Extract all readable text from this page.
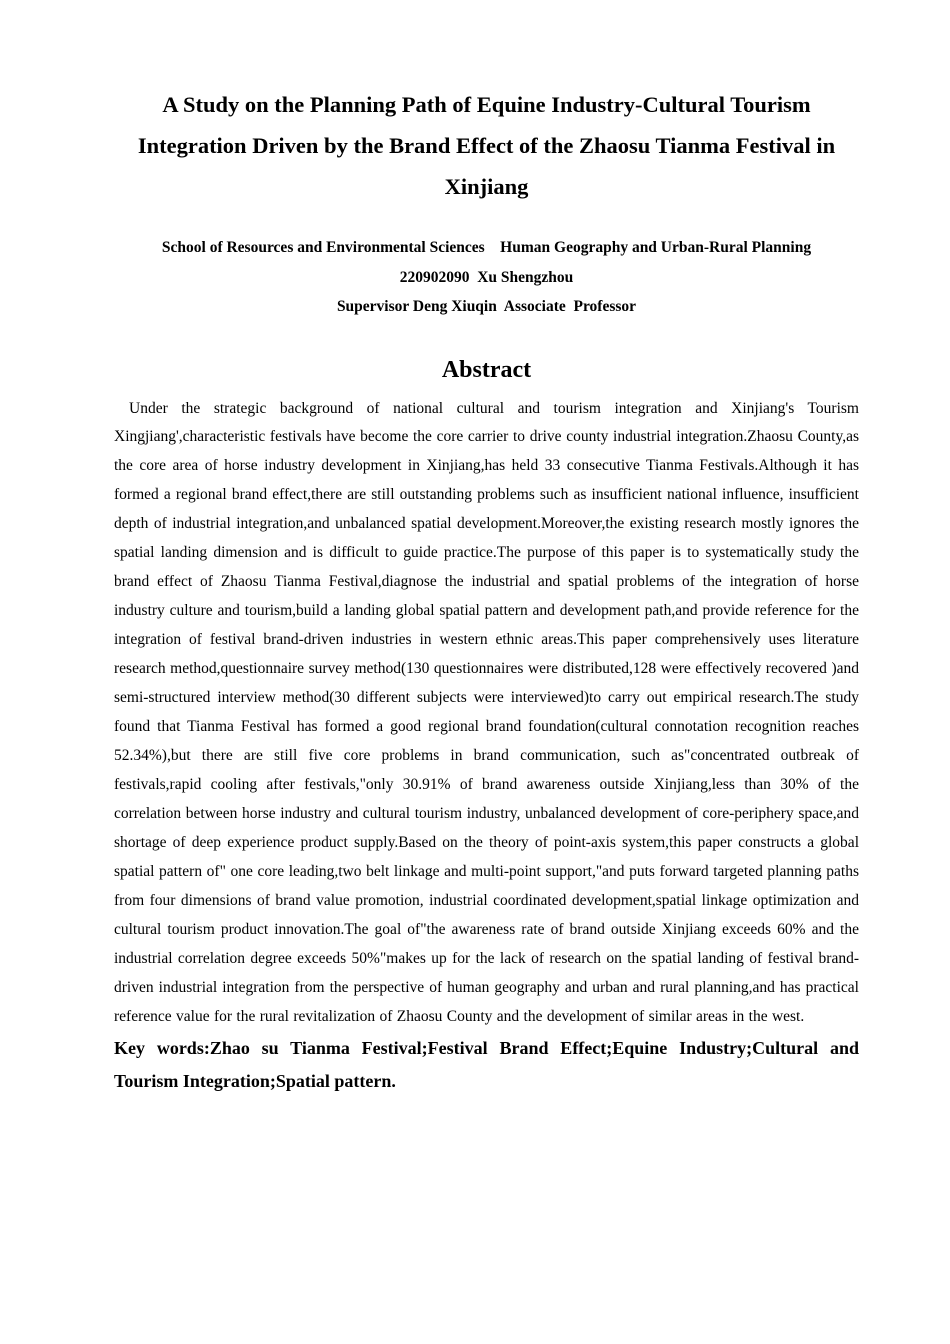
A Study on the Planning Path of Equine Industry-Cultural Tourism Integration Driven by the Brand Effect of the Zhaosu Tianma Festival in Xinjiang
School of Resources and Environmental Sciences    Human Geography and Urban-Rural Planning
220902090  Xu Shengzhou
Supervisor Deng Xiuqin  Associate  Professor
Abstract

Under the strategic background of national cultural and tourism integration and Xinjiang's Tourism Xingjiang',characteristic festivals have become the core carrier to drive county industrial integration.Zhaosu County,as the core area of horse industry development in Xinjiang,has held 33 consecutive Tianma Festivals.Although it has formed a regional brand effect,there are still outstanding problems such as insufficient national influence, insufficient depth of industrial integration,and unbalanced spatial development.Moreover,the existing research mostly ignores the spatial landing dimension and is difficult to guide practice.The purpose of this paper is to systematically study the brand effect of Zhaosu Tianma Festival,diagnose the industrial and spatial problems of the integration of horse industry culture and tourism,build a landing global spatial pattern and development path,and provide reference for the integration of festival brand-driven industries in western ethnic areas.This paper comprehensively uses literature research method,questionnaire survey method(130 questionnaires were distributed,128 were effectively recovered )and semi-structured interview method(30 different subjects were interviewed)to carry out empirical research.The study found that Tianma Festival has formed a good regional brand foundation(cultural connotation recognition reaches 52.34%),but there are still five core problems in brand communication, such as"concentrated outbreak of festivals,rapid cooling after festivals,"only 30.91% of brand awareness outside Xinjiang,less than 30% of the correlation between horse industry and cultural tourism industry, unbalanced development of core-periphery space,and shortage of deep experience product supply.Based on the theory of point-axis system,this paper constructs a global spatial pattern of" one core leading,two belt linkage and multi-point support,"and puts forward targeted planning paths from four dimensions of brand value promotion, industrial coordinated development,spatial linkage optimization and cultural tourism product innovation.The goal of"the awareness rate of brand outside Xinjiang exceeds 60% and the industrial correlation degree exceeds 50%"makes up for the lack of research on the spatial landing of festival brand-driven industrial integration from the perspective of human geography and urban and rural planning,and has practical reference value for the rural revitalization of Zhaosu County and the development of similar areas in the west.

Key words:Zhao su Tianma Festival;Festival Brand Effect;Equine Industry;Cultural and Tourism Integration;Spatial pattern.
